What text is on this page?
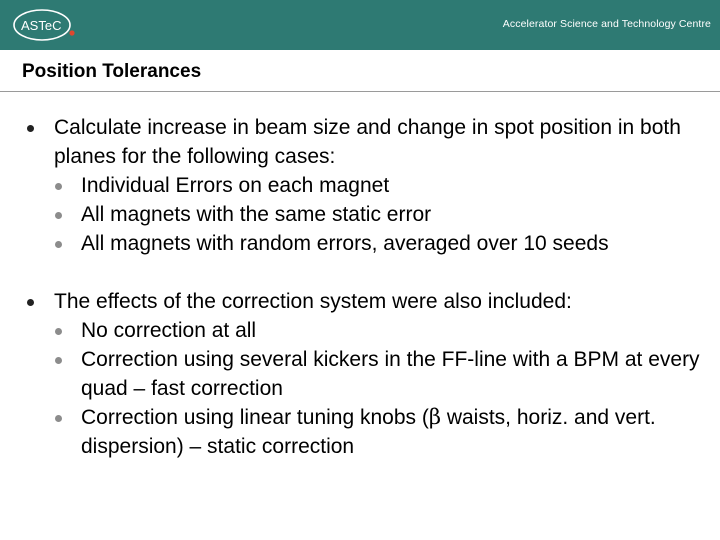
ASTeC	Accelerator Science and Technology Centre
Position Tolerances
Calculate increase in beam size and change in spot position in both planes for the following cases:
Individual Errors on each magnet
All magnets with the same static error
All magnets with random errors, averaged over 10 seeds
The effects of the correction system were also included:
No correction at all
Correction using several kickers in the FF-line with a BPM at every quad – fast correction
Correction using linear tuning knobs (β waists, horiz. and vert. dispersion) – static correction
